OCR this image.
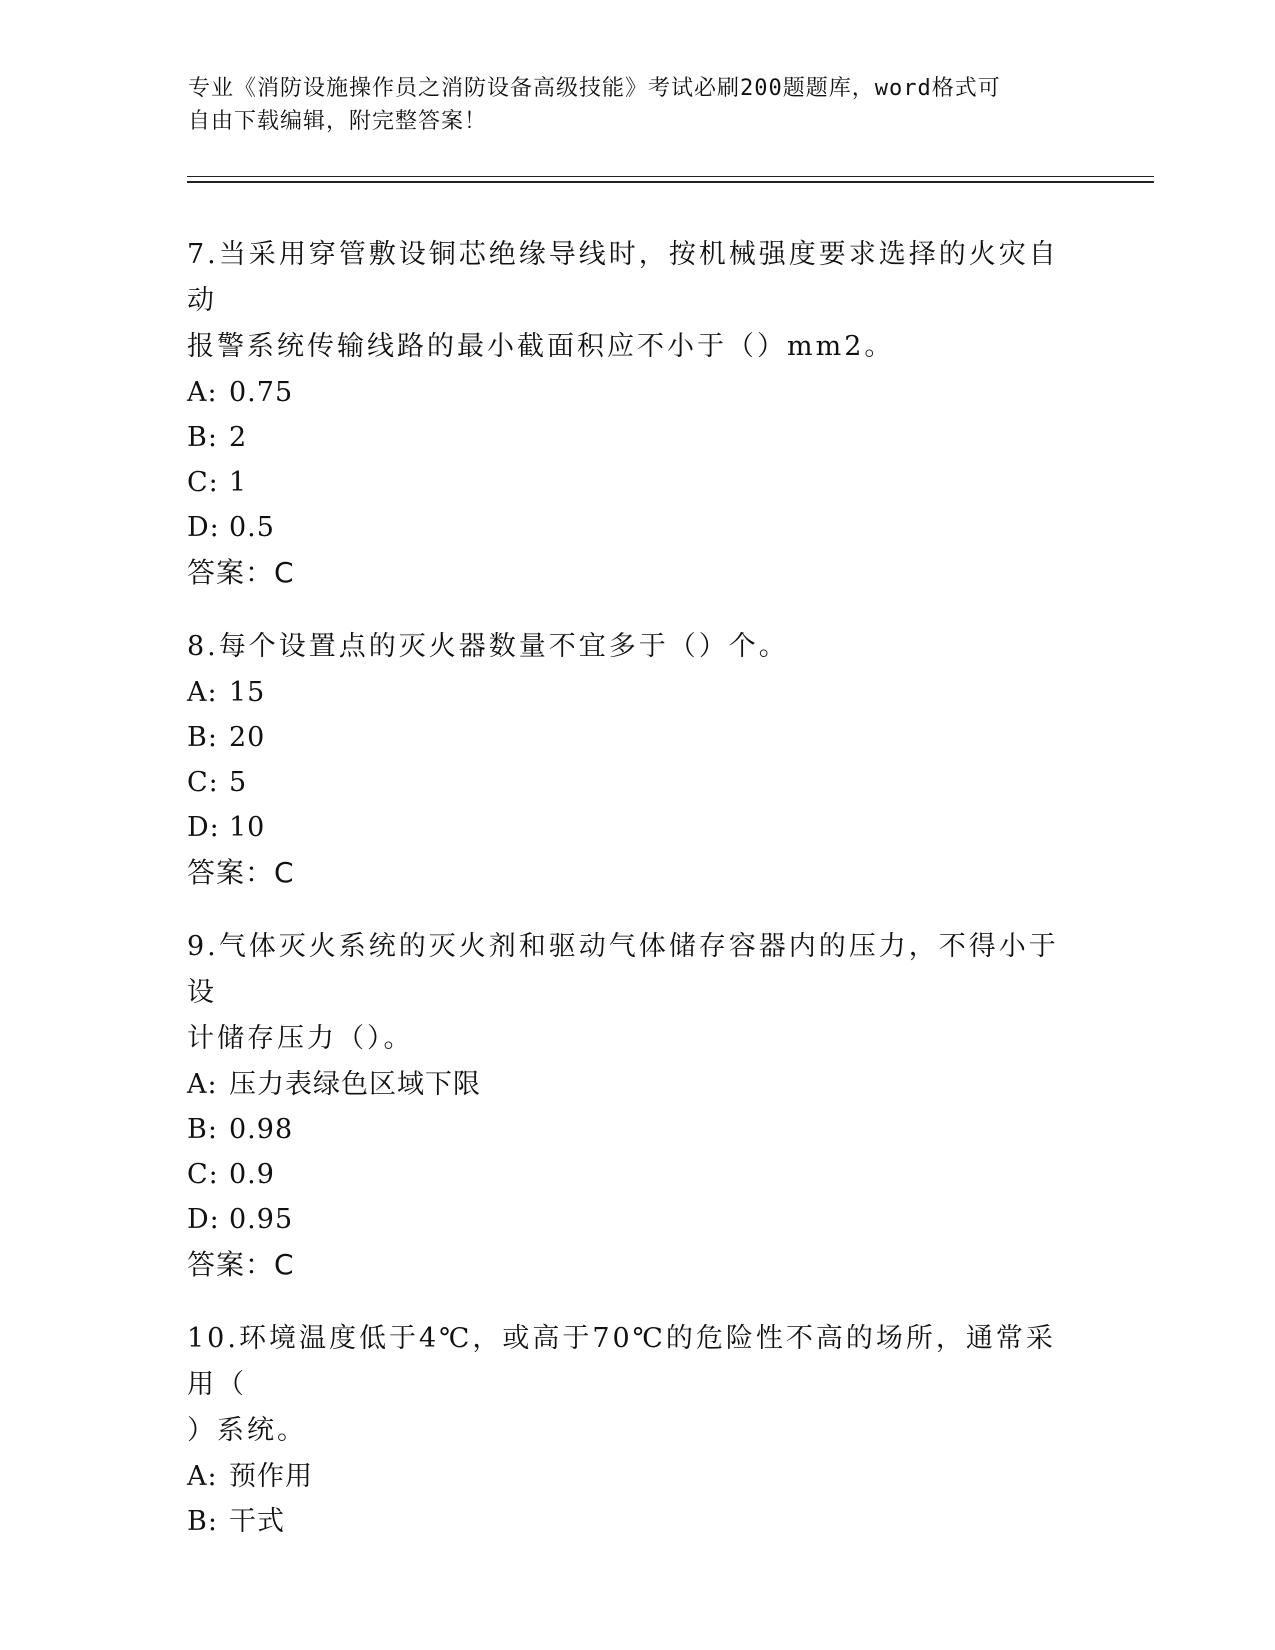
专业《消防设施操作员之消防设备高级技能》考试必刷200题题库，word格式可
自由下载编辑，附完整答案！
7.当采用穿管敷设铜芯绝缘导线时，按机械强度要求选择的火灾自动
报警系统传输线路的最小截面积应不小于（）mm2。
A: 0.75
B: 2
C: 1
D: 0.5
答案：C
8.每个设置点的灭火器数量不宜多于（）个。
A: 15
B: 20
C: 5
D: 10
答案：C
9.气体灭火系统的灭火剂和驱动气体储存容器内的压力，不得小于设
计储存压力（）。
A: 压力表绿色区域下限
B: 0.98
C: 0.9
D: 0.95
答案：C
10.环境温度低于4℃，或高于70℃的危险性不高的场所，通常采用（
）系统。
A: 预作用
B: 干式
